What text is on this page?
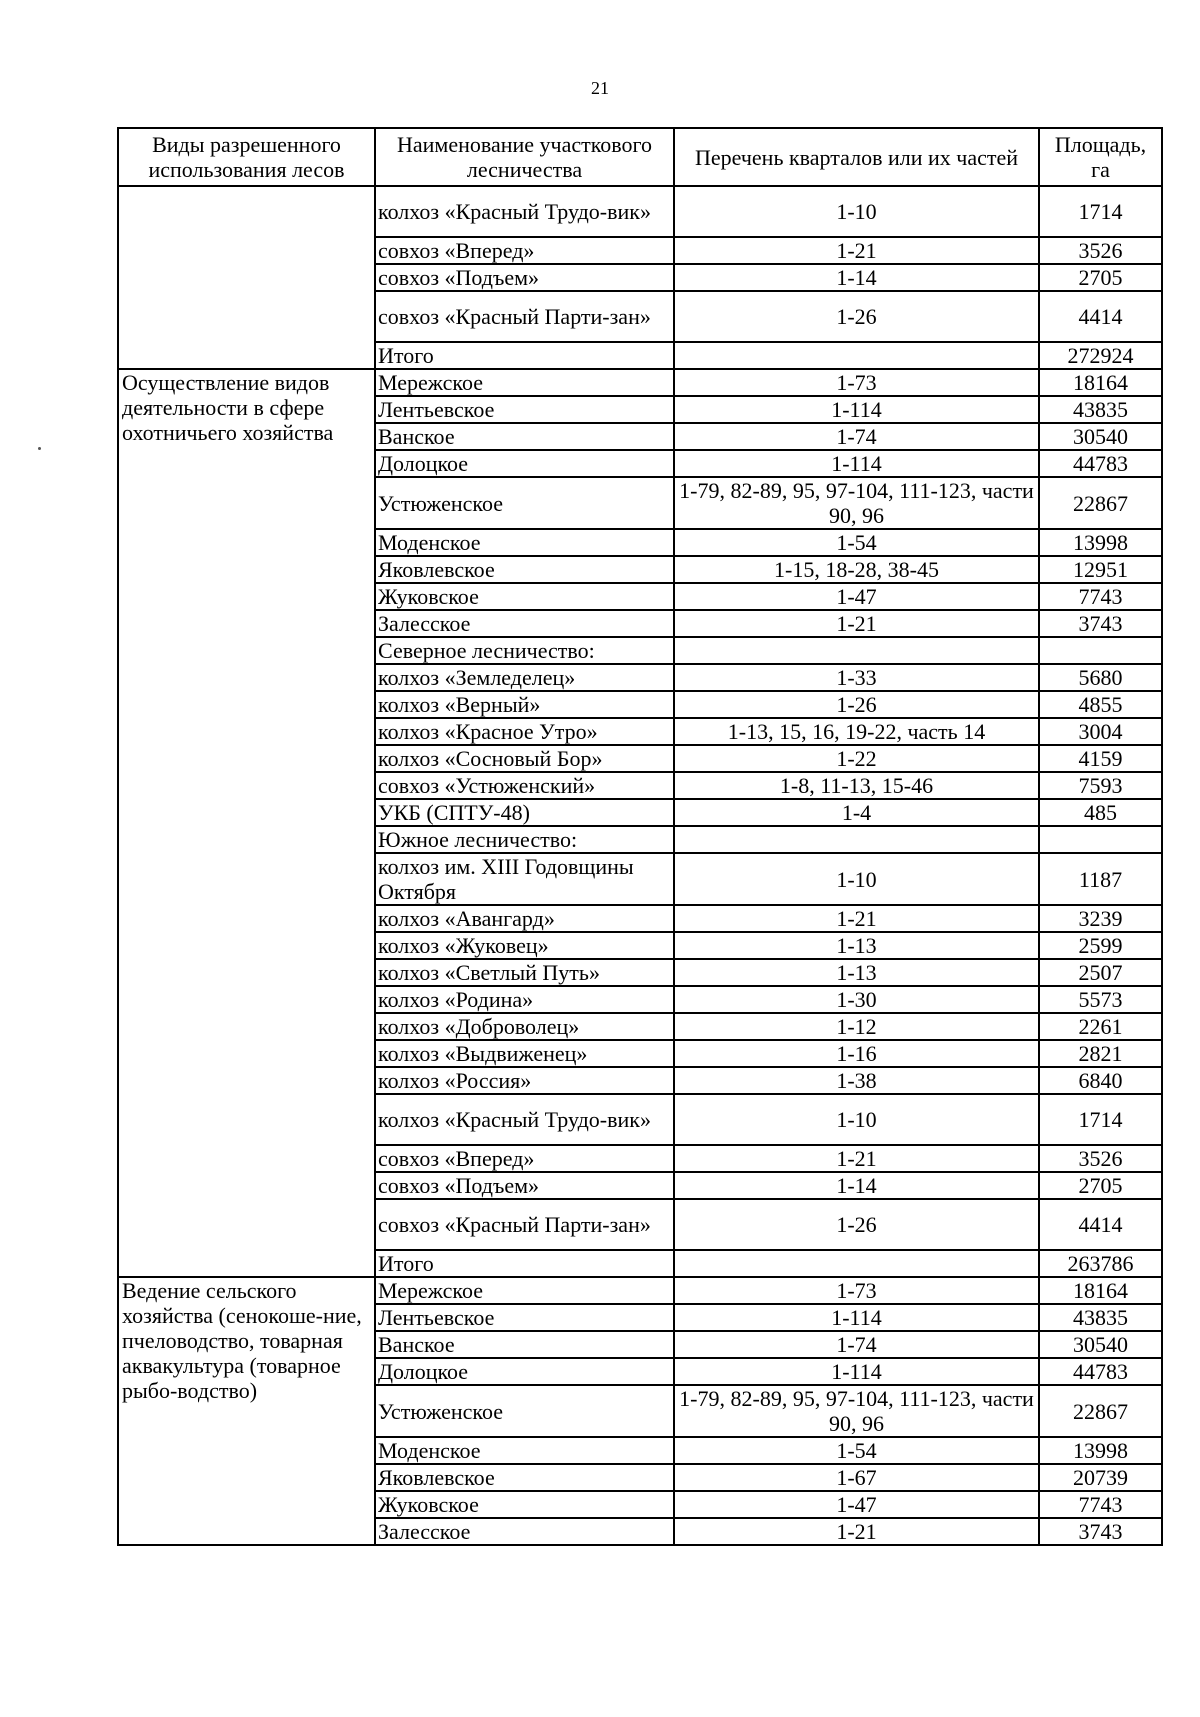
21
Виды разрешенного использования лесов	Наименование участкового лесничества	Перечень кварталов или их частей	Площадь, га
	колхоз «Красный Трудо-вик»	1-10	1714
	совхоз «Вперед»	1-21	3526
	совхоз «Подъем»	1-14	2705
	совхоз «Красный Парти-зан»	1-26	4414
	Итого		272924
Осуществление видов деятельности в сфере охотничьего хозяйства	Мережское	1-73	18164
	Лентьевское	1-114	43835
	Ванское	1-74	30540
	Долоцкое	1-114	44783
	Устюженское	1-79, 82-89, 95, 97-104, 111-123, части 90, 96	22867
	Моденское	1-54	13998
	Яковлевское	1-15, 18-28, 38-45	12951
	Жуковское	1-47	7743
	Залесское	1-21	3743
	Северное лесничество:		
	колхоз «Земледелец»	1-33	5680
	колхоз «Верный»	1-26	4855
	колхоз «Красное Утро»	1-13, 15, 16, 19-22, часть 14	3004
	колхоз «Сосновый Бор»	1-22	4159
	совхоз «Устюженский»	1-8, 11-13, 15-46	7593
	УКБ (СПТУ-48)	1-4	485
	Южное лесничество:		
	колхоз им. XIII Годовщины Октября	1-10	1187
	колхоз «Авангард»	1-21	3239
	колхоз «Жуковец»	1-13	2599
	колхоз «Светлый Путь»	1-13	2507
	колхоз «Родина»	1-30	5573
	колхоз «Доброволец»	1-12	2261
	колхоз «Выдвиженец»	1-16	2821
	колхоз «Россия»	1-38	6840
	колхоз «Красный Трудо-вик»	1-10	1714
	совхоз «Вперед»	1-21	3526
	совхоз «Подъем»	1-14	2705
	совхоз «Красный Парти-зан»	1-26	4414
	Итого		263786
Ведение сельского хозяйства (сенокоше-ние, пчеловодство, товарная аквакультура (товарное рыбо-водство)	Мережское	1-73	18164
	Лентьевское	1-114	43835
	Ванское	1-74	30540
	Долоцкое	1-114	44783
	Устюженское	1-79, 82-89, 95, 97-104, 111-123, части 90, 96	22867
	Моденское	1-54	13998
	Яковлевское	1-67	20739
	Жуковское	1-47	7743
	Залесское	1-21	3743
